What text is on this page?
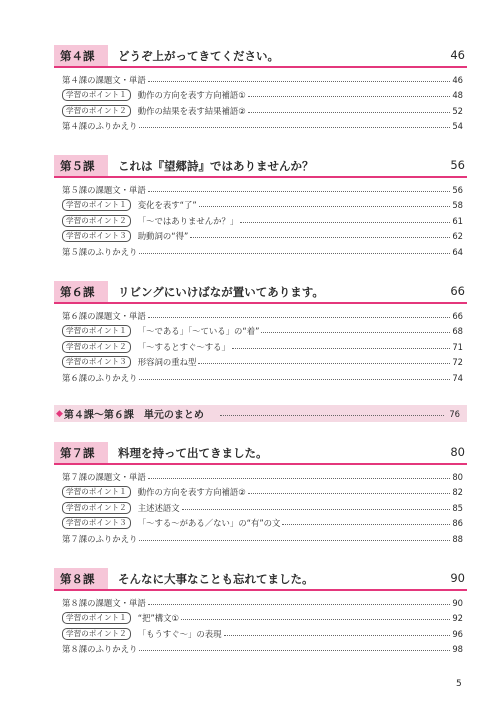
第４課	どうぞ上がってきてください。	46
第４課の課題文・単語	46
学習のポイント１	動作の方向を表す方向補語①	48
学習のポイント２	動作の結果を表す結果補語②	52
第４課のふりかえり	54
第５課	これは『望郷詩』ではありませんか？	56
第５課の課題文・単語	56
学習のポイント１	変化を表す“了”	58
学習のポイント２	「～ではありませんか？」	61
学習のポイント３	助動詞の“得”	62
第５課のふりかえり	64
第６課	リビングにいけばなが置いてあります。	66
第６課の課題文・単語	66
学習のポイント１	「～である」「～ている」の“着”	68
学習のポイント２	「～するとすぐ～する」	71
学習のポイント３	形容詞の重ね型	72
第６課のふりかえり	74
◆ 第４課～第６課　単元のまとめ	76
第７課	料理を持って出てきました。	80
第７課の課題文・単語	80
学習のポイント１	動作の方向を表す方向補語②	82
学習のポイント２	主述述語文	85
学習のポイント３	「～する～がある／ない」の“有”の文	86
第７課のふりかえり	88
第８課	そんなに大事なことも忘れてました。	90
第８課の課題文・単語	90
学習のポイント１	“把”構文①	92
学習のポイント２	「もうすぐ～」の表現	96
第８課のふりかえり	98
5
